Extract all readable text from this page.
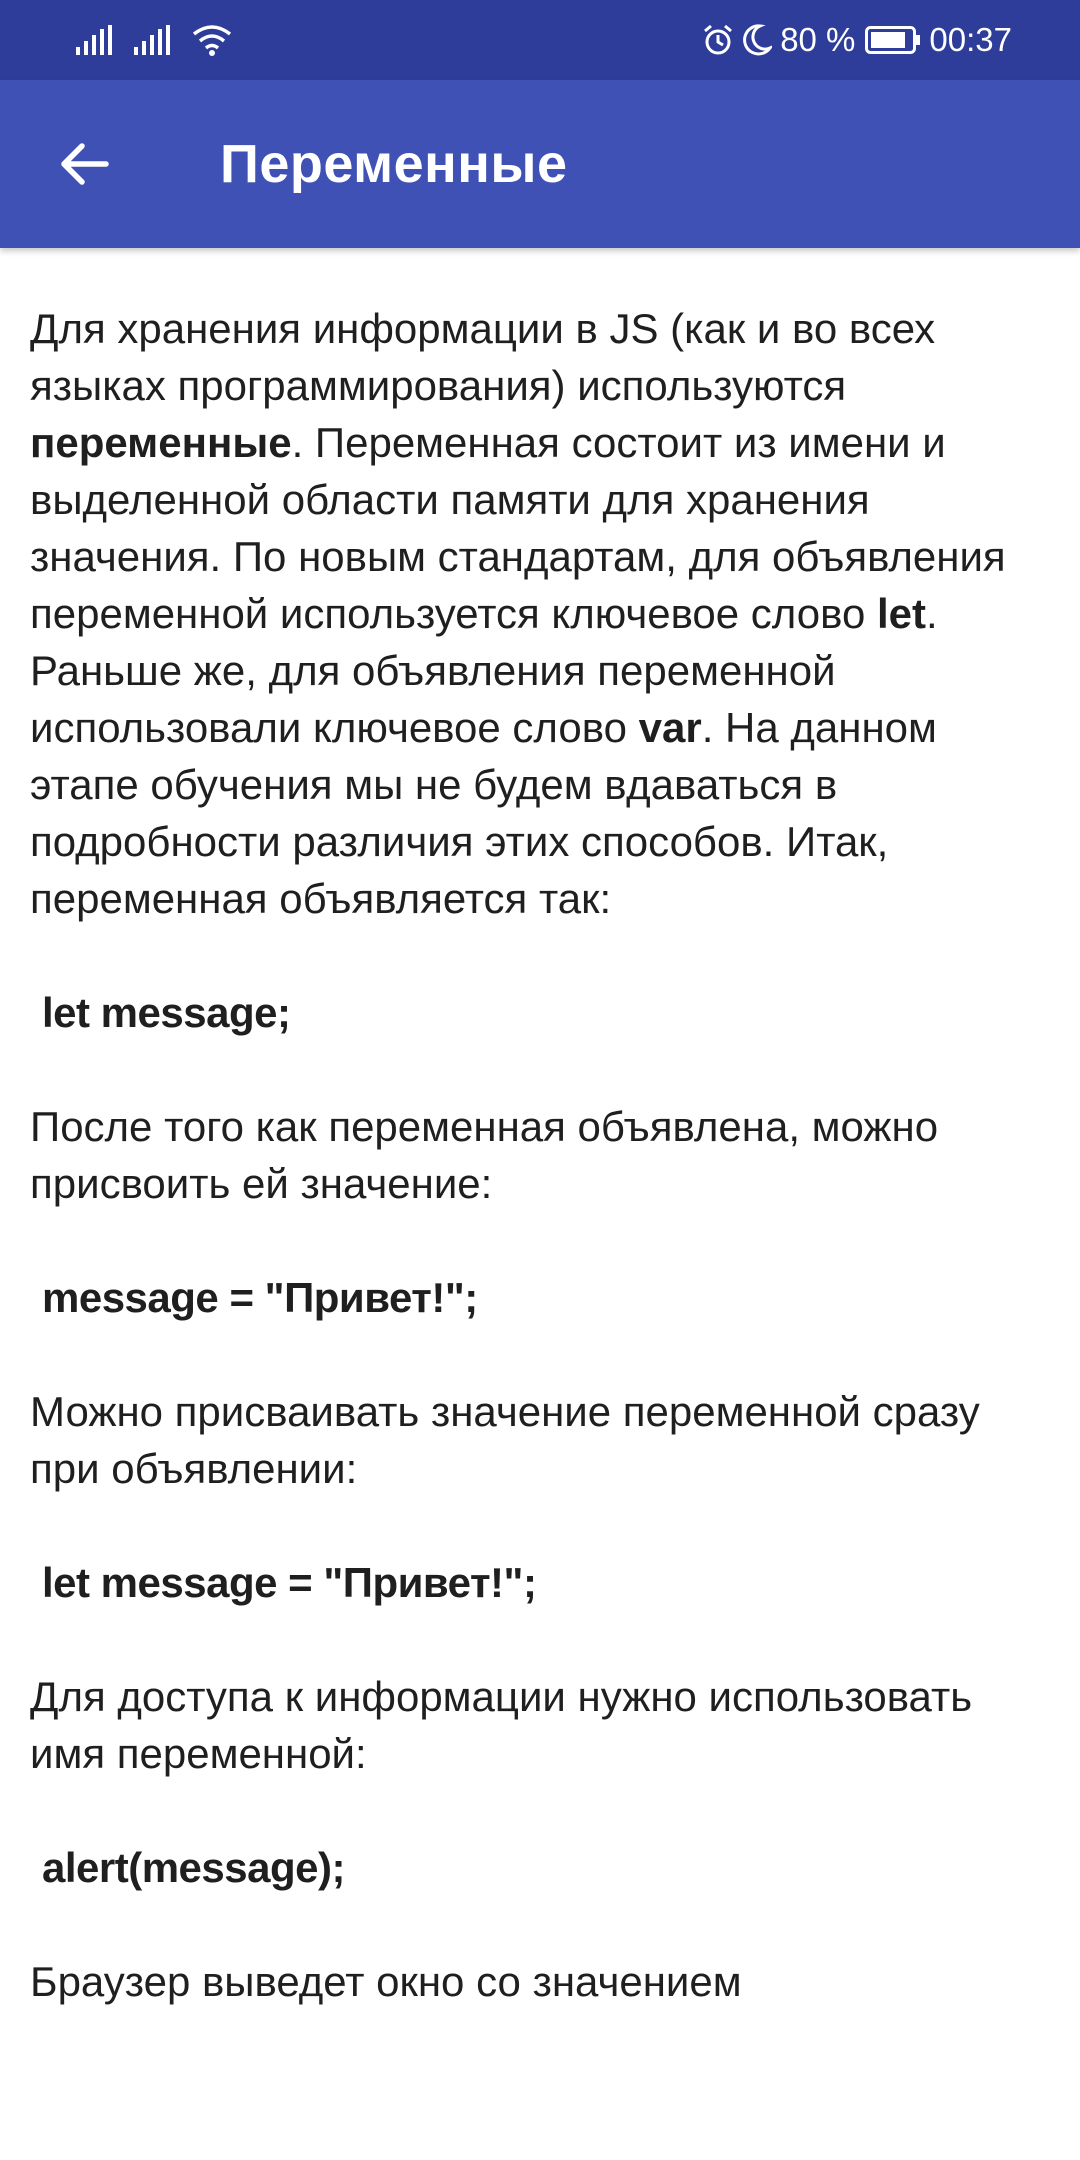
80 % 00:37
Переменные

Для хранения информации в JS (как и во всех языках программирования) используются переменные. Переменная состоит из имени и выделенной области памяти для хранения значения. По новым стандартам, для объявления переменной используется ключевое слово let. Раньше же, для объявления переменной использовали ключевое слово var. На данном этапе обучения мы не будем вдаваться в подробности различия этих способов. Итак, переменная объявляется так:

let message;

После того как переменная объявлена, можно присвоить ей значение:

message = "Привет!";

Можно присваивать значение переменной сразу при объявлении:

let message = "Привет!";

Для доступа к информации нужно использовать имя переменной:

alert(message);

Браузер выведет окно со значением
